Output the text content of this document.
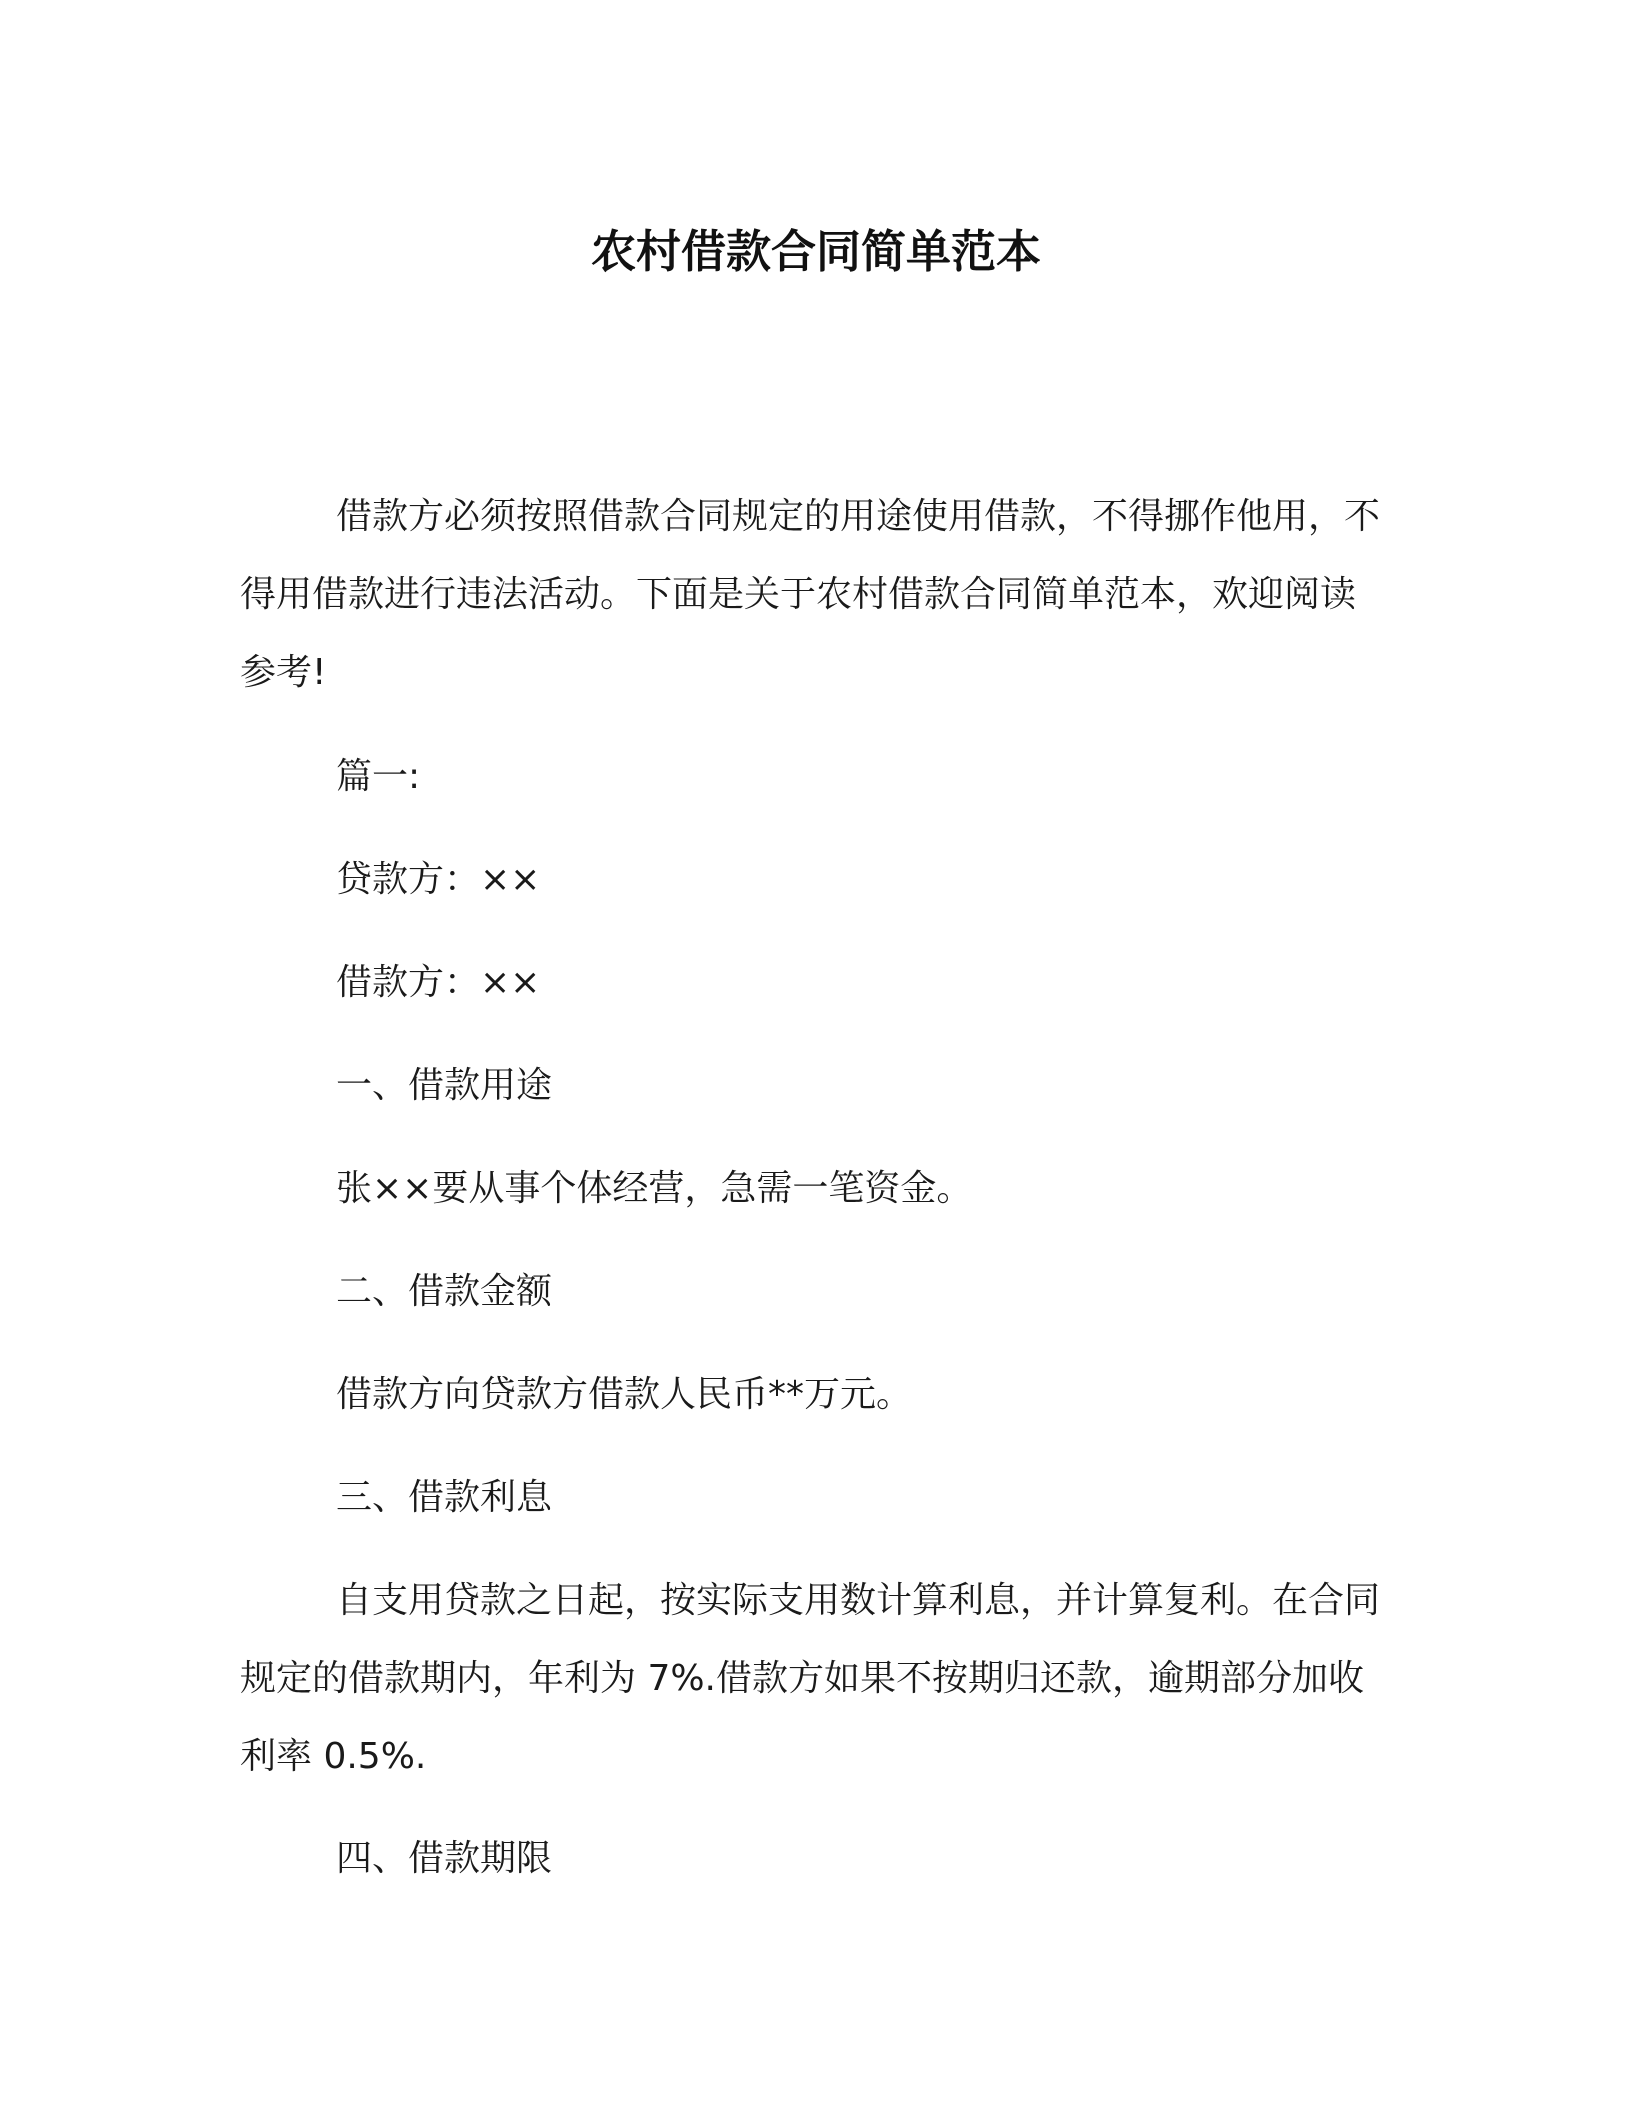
农村借款合同简单范本

借款方必须按照借款合同规定的用途使用借款，不得挪作他用，不得用借款进行违法活动。下面是关于农村借款合同简单范本，欢迎阅读参考!

篇一:

贷款方：××

借款方：××

一、借款用途

张××要从事个体经营，急需一笔资金。

二、借款金额

借款方向贷款方借款人民币**万元。

三、借款利息

自支用贷款之日起，按实际支用数计算利息，并计算复利。在合同规定的借款期内，年利为 7%.借款方如果不按期归还款，逾期部分加收利率 0.5%.

四、借款期限
